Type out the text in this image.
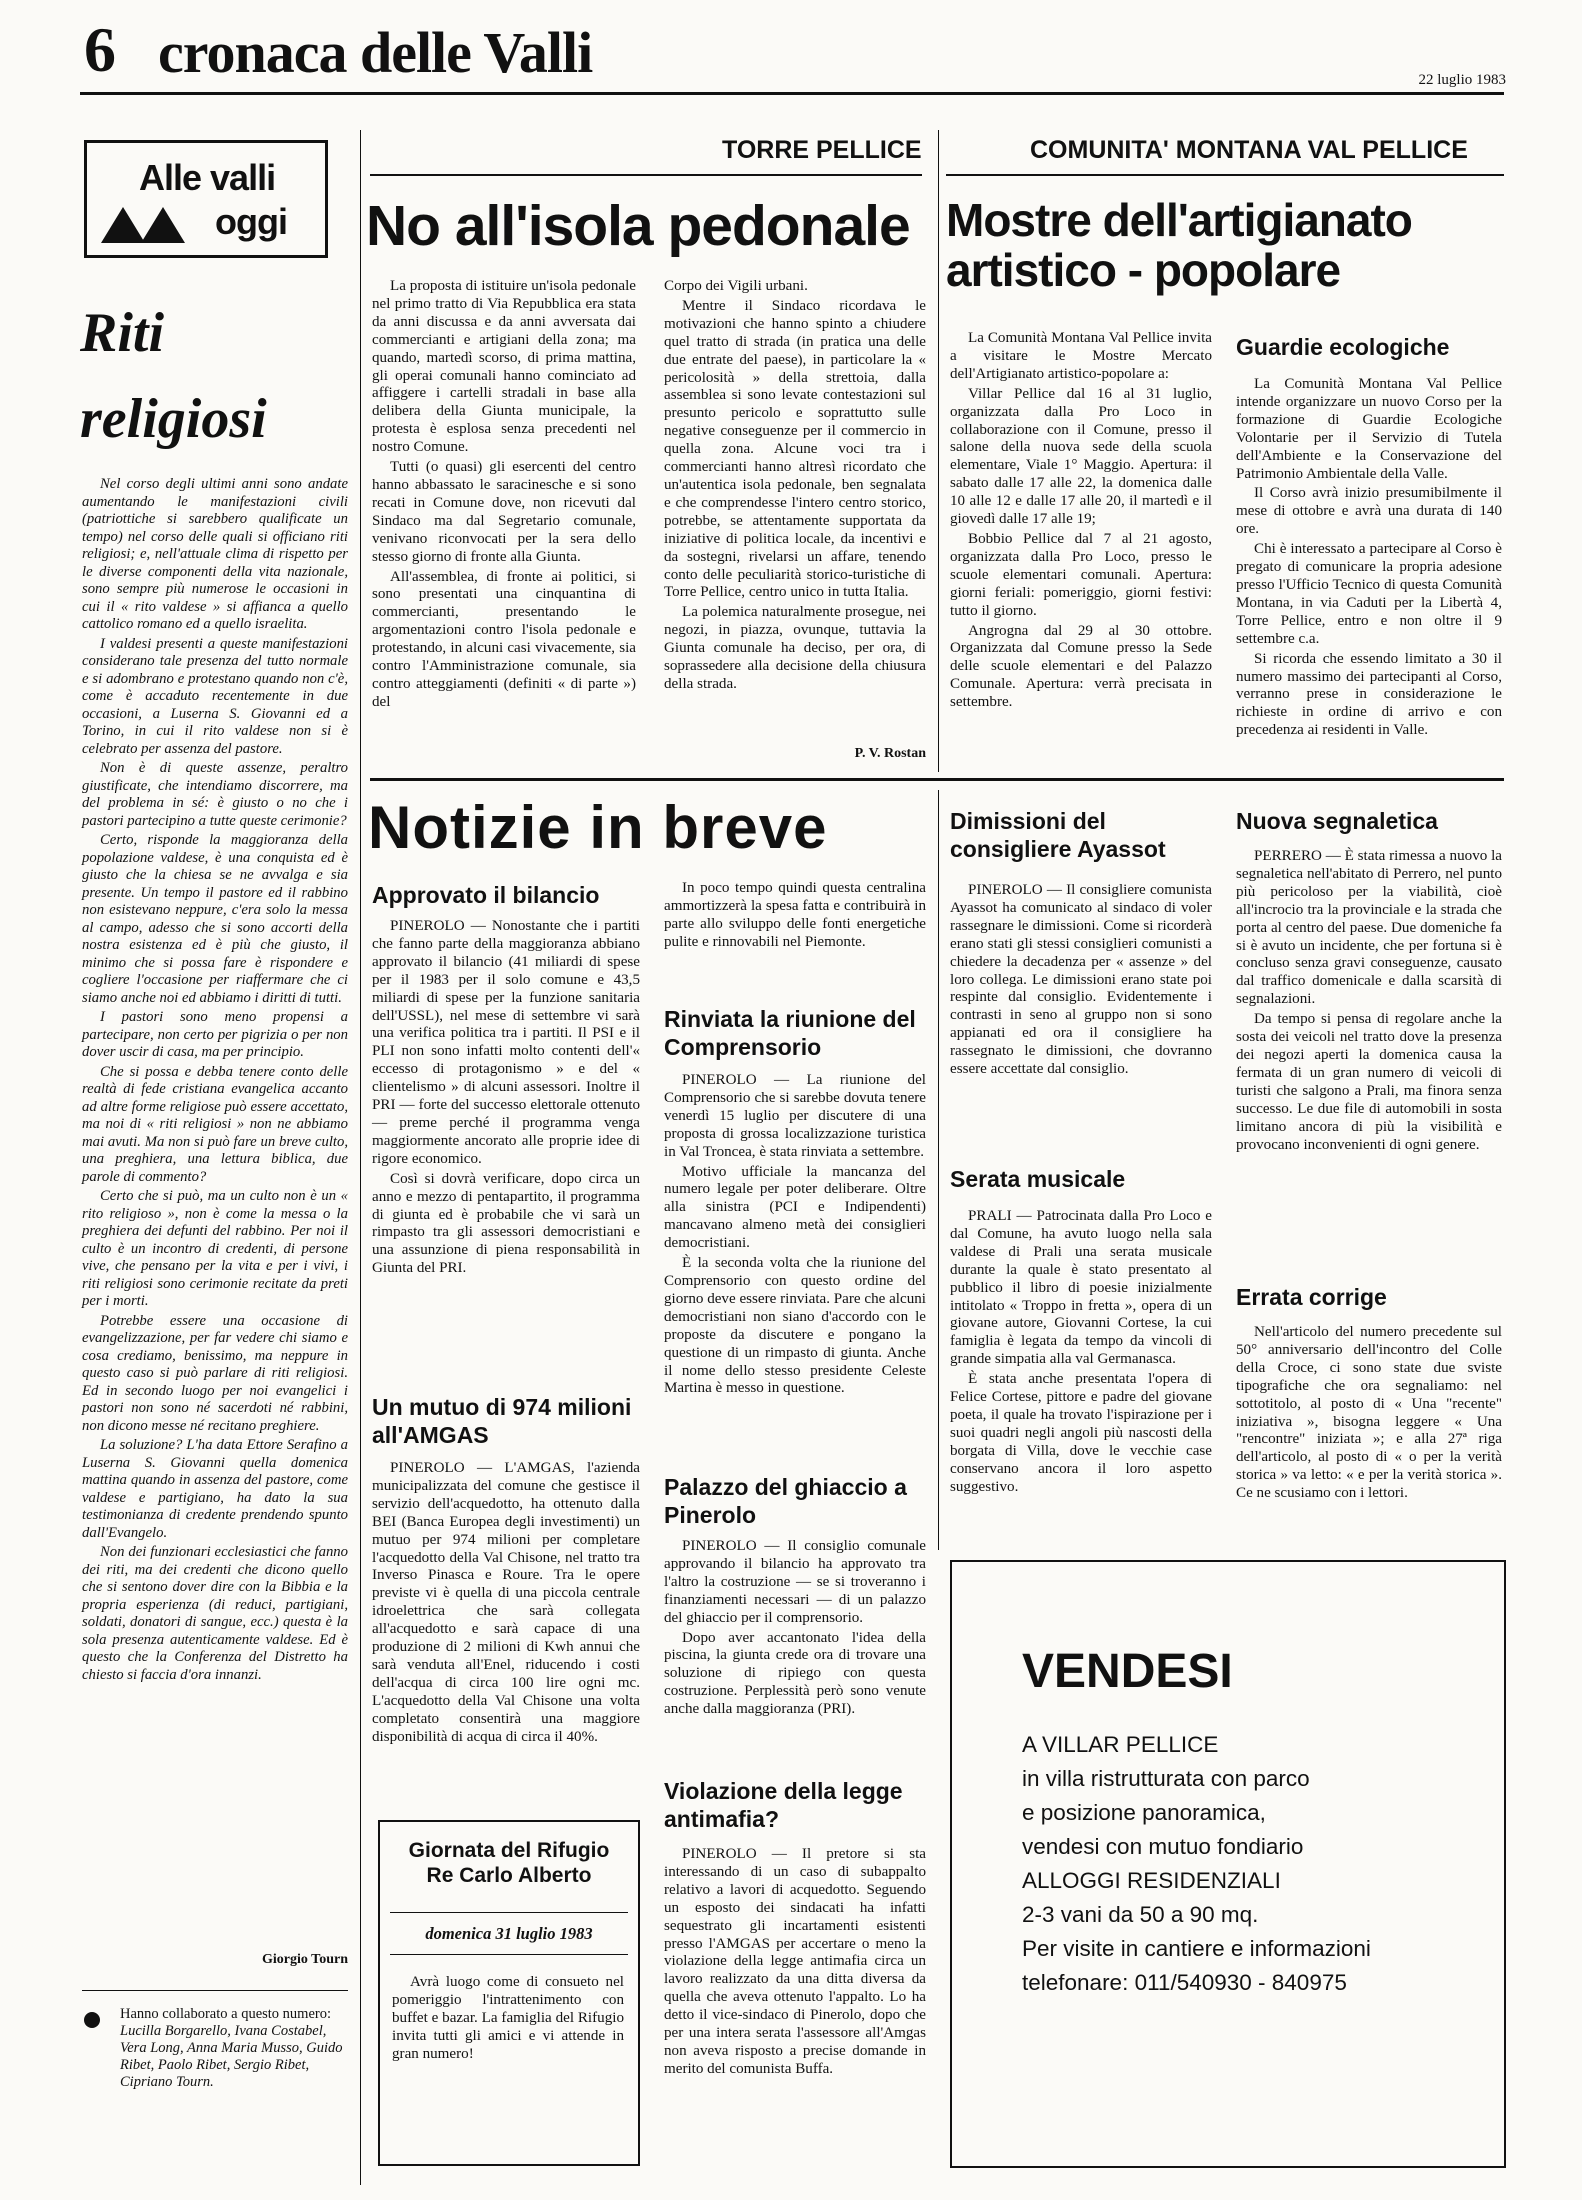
6 cronaca delle Valli	22 luglio 1983
Alle valli
oggi
Riti
religiosi

Nel corso degli ultimi anni sono andate aumentando le manifestazioni civili (patriottiche si sarebbero qualificate un tempo) nel corso delle quali si officiano riti religiosi; e, nell'attuale clima di rispetto per le diverse componenti della vita nazionale, sono sempre più numerose le occasioni in cui il « rito valdese » si affianca a quello cattolico romano ed a quello israelita.

I valdesi presenti a queste manifestazioni considerano tale presenza del tutto normale e si adombrano e protestano quando non c'è, come è accaduto recentemente in due occasioni, a Luserna S. Giovanni ed a Torino, in cui il rito valdese non si è celebrato per assenza del pastore.

Non è di queste assenze, peraltro giustificate, che intendiamo discorrere, ma del problema in sé: è giusto o no che i pastori partecipino a tutte queste cerimonie?

Certo, risponde la maggioranza della popolazione valdese, è una conquista ed è giusto che la chiesa se ne avvalga e sia presente. Un tempo il pastore ed il rabbino non esistevano neppure, c'era solo la messa al campo, adesso che si sono accorti della nostra esistenza ed è più che giusto, il minimo che si possa fare è rispondere e cogliere l'occasione per riaffermare che ci siamo anche noi ed abbiamo i diritti di tutti.

I pastori sono meno propensi a partecipare, non certo per pigrizia o per non dover uscir di casa, ma per principio.

Che si possa e debba tenere conto delle realtà di fede cristiana evangelica accanto ad altre forme religiose può essere accettato, ma noi di « riti religiosi » non ne abbiamo mai avuti. Ma non si può fare un breve culto, una preghiera, una lettura biblica, due parole di commento?

Certo che si può, ma un culto non è un « rito religioso », non è come la messa o la preghiera dei defunti del rabbino. Per noi il culto è un incontro di credenti, di persone vive, che pensano per la vita e per i vivi, i riti religiosi sono cerimonie recitate da preti per i morti.

Potrebbe essere una occasione di evangelizzazione, per far vedere chi siamo e cosa crediamo, benissimo, ma neppure in questo caso si può parlare di riti religiosi. Ed in secondo luogo per noi evangelici i pastori non sono né sacerdoti né rabbini, non dicono messe né recitano preghiere.

La soluzione? L'ha data Ettore Serafino a Luserna S. Giovanni quella domenica mattina quando in assenza del pastore, come valdese e partigiano, ha dato la sua testimonianza di credente prendendo spunto dall'Evangelo.

Non dei funzionari ecclesiastici che fanno dei riti, ma dei credenti che dicono quello che si sentono dover dire con la Bibbia e la propria esperienza (di reduci, partigiani, soldati, donatori di sangue, ecc.) questa è la sola presenza autenticamente valdese. Ed è questo che la Conferenza del Distretto ha chiesto si faccia d'ora innanzi.

Giorgio Tourn
Hanno collaborato a questo numero:
Lucilla Borgarello, Ivana Costabel, Vera Long, Anna Maria Musso, Guido Ribet, Paolo Ribet, Sergio Ribet, Cipriano Tourn.
TORRE PELLICE
No all'isola pedonale

La proposta di istituire un'isola pedonale nel primo tratto di Via Repubblica era stata da anni discussa e da anni avversata dai commercianti e artigiani della zona; ma quando, martedì scorso, di prima mattina, gli operai comunali hanno cominciato ad affiggere i cartelli stradali in base alla delibera della Giunta municipale, la protesta è esplosa senza precedenti nel nostro Comune.

Tutti (o quasi) gli esercenti del centro hanno abbassato le saracinesche e si sono recati in Comune dove, non ricevuti dal Sindaco ma dal Segretario comunale, venivano riconvocati per la sera dello stesso giorno di fronte alla Giunta.

All'assemblea, di fronte ai politici, si sono presentati una cinquantina di commercianti, presentando le argomentazioni contro l'isola pedonale e protestando, in alcuni casi vivacemente, sia contro l'Amministrazione comunale, sia contro atteggiamenti (definiti « di parte ») del

Corpo dei Vigili urbani.

Mentre il Sindaco ricordava le motivazioni che hanno spinto a chiudere quel tratto di strada (in pratica una delle due entrate del paese), in particolare la « pericolosità » della strettoia, dalla assemblea si sono levate contestazioni sul presunto pericolo e soprattutto sulle negative conseguenze per il commercio in quella zona. Alcune voci tra i commercianti hanno altresì ricordato che un'autentica isola pedonale, ben segnalata e che comprendesse l'intero centro storico, potrebbe, se attentamente supportata da iniziative di politica locale, da incentivi e da sostegni, rivelarsi un affare, tenendo conto delle peculiarità storico-turistiche di Torre Pellice, centro unico in tutta Italia.

La polemica naturalmente prosegue, nei negozi, in piazza, ovunque, tuttavia la Giunta comunale ha deciso, per ora, di soprassedere alla decisione della chiusura della strada.

P. V. Rostan
COMUNITA' MONTANA VAL PELLICE
Mostre dell'artigianato artistico - popolare

La Comunità Montana Val Pellice invita a visitare le Mostre Mercato dell'Artigianato artistico-popolare a:

Villar Pellice dal 16 al 31 luglio, organizzata dalla Pro Loco in collaborazione con il Comune, presso il salone della nuova sede della scuola elementare, Viale 1° Maggio. Apertura: il sabato dalle 17 alle 22, la domenica dalle 10 alle 12 e dalle 17 alle 20, il martedì e il giovedì dalle 17 alle 19;

Bobbio Pellice dal 7 al 21 agosto, organizzata dalla Pro Loco, presso le scuole elementari comunali. Apertura: giorni feriali: pomeriggio, giorni festivi: tutto il giorno.

Angrogna dal 29 al 30 ottobre. Organizzata dal Comune presso la Sede delle scuole elementari e del Palazzo Comunale. Apertura: verrà precisata in settembre.

Guardie ecologiche

La Comunità Montana Val Pellice intende organizzare un nuovo Corso per la formazione di Guardie Ecologiche Volontarie per il Servizio di Tutela dell'Ambiente e la Conservazione del Patrimonio Ambientale della Valle.

Il Corso avrà inizio presumibilmente il mese di ottobre e avrà una durata di 140 ore.

Chi è interessato a partecipare al Corso è pregato di comunicare la propria adesione presso l'Ufficio Tecnico di questa Comunità Montana, in via Caduti per la Libertà 4, Torre Pellice, entro e non oltre il 9 settembre c.a.

Si ricorda che essendo limitato a 30 il numero massimo dei partecipanti al Corso, verranno prese in considerazione le richieste in ordine di arrivo e con precedenza ai residenti in Valle.

Notizie in breve
Approvato il bilancio

PINEROLO — Nonostante che i partiti che fanno parte della maggioranza abbiano approvato il bilancio (41 miliardi di spese per il 1983 per il solo comune e 43,5 miliardi di spese per la funzione sanitaria dell'USSL), nel mese di settembre vi sarà una verifica politica tra i partiti. Il PSI e il PLI non sono infatti molto contenti dell'« eccesso di protagonismo » e del « clientelismo » di alcuni assessori. Inoltre il PRI — forte del successo elettorale ottenuto — preme perché il programma venga maggiormente ancorato alle proprie idee di rigore economico.

Così si dovrà verificare, dopo circa un anno e mezzo di pentapartito, il programma di giunta ed è probabile che vi sarà un rimpasto tra gli assessori democristiani e una assunzione di piena responsabilità in Giunta del PRI.

Un mutuo di 974 milioni all'AMGAS

PINEROLO — L'AMGAS, l'azienda municipalizzata del comune che gestisce il servizio dell'acquedotto, ha ottenuto dalla BEI (Banca Europea degli investimenti) un mutuo per 974 milioni per completare l'acquedotto della Val Chisone, nel tratto tra Inverso Pinasca e Roure. Tra le opere previste vi è quella di una piccola centrale idroelettrica che sarà collegata all'acquedotto e sarà capace di una produzione di 2 milioni di Kwh annui che sarà venduta all'Enel, riducendo i costi dell'acqua di circa 100 lire ogni mc. L'acquedotto della Val Chisone una volta completato consentirà una maggiore disponibilità di acqua di circa il 40%.

Giornata del Rifugio
Re Carlo Alberto
domenica 31 luglio 1983

Avrà luogo come di consueto nel pomeriggio l'intrattenimento con buffet e bazar. La famiglia del Rifugio invita tutti gli amici e vi attende in gran numero!

In poco tempo quindi questa centralina ammortizzerà la spesa fatta e contribuirà in parte allo sviluppo delle fonti energetiche pulite e rinnovabili nel Piemonte.

Rinviata la riunione del Comprensorio

PINEROLO — La riunione del Comprensorio che si sarebbe dovuta tenere venerdì 15 luglio per discutere di una proposta di grossa localizzazione turistica in Val Troncea, è stata rinviata a settembre.

Motivo ufficiale la mancanza del numero legale per poter deliberare. Oltre alla sinistra (PCI e Indipendenti) mancavano almeno metà dei consiglieri democristiani.

È la seconda volta che la riunione del Comprensorio con questo ordine del giorno deve essere rinviata. Pare che alcuni democristiani non siano d'accordo con le proposte da discutere e pongano la questione di un rimpasto di giunta. Anche il nome dello stesso presidente Celeste Martina è messo in questione.

Palazzo del ghiaccio a Pinerolo

PINEROLO — Il consiglio comunale approvando il bilancio ha approvato tra l'altro la costruzione — se si troveranno i finanziamenti necessari — di un palazzo del ghiaccio per il comprensorio.

Dopo aver accantonato l'idea della piscina, la giunta crede ora di trovare una soluzione di ripiego con questa costruzione. Perplessità però sono venute anche dalla maggioranza (PRI).

Violazione della legge antimafia?

PINEROLO — Il pretore si sta interessando di un caso di subappalto relativo a lavori di acquedotto. Seguendo un esposto dei sindacati ha infatti sequestrato gli incartamenti esistenti presso l'AMGAS per accertare o meno la violazione della legge antimafia circa un lavoro realizzato da una ditta diversa da quella che aveva ottenuto l'appalto. Lo ha detto il vice-sindaco di Pinerolo, dopo che per una intera serata l'assessore all'Amgas non aveva risposto a precise domande in merito del comunista Buffa.

Dimissioni del consigliere Ayassot

PINEROLO — Il consigliere comunista Ayassot ha comunicato al sindaco di voler rassegnare le dimissioni. Come si ricorderà erano stati gli stessi consiglieri comunisti a chiedere la decadenza per « assenze » del loro collega. Le dimissioni erano state poi respinte dal consiglio. Evidentemente i contrasti in seno al gruppo non si sono appianati ed ora il consigliere ha rassegnato le dimissioni, che dovranno essere accettate dal consiglio.

Serata musicale

PRALI — Patrocinata dalla Pro Loco e dal Comune, ha avuto luogo nella sala valdese di Prali una serata musicale durante la quale è stato presentato al pubblico il libro di poesie inizialmente intitolato « Troppo in fretta », opera di un giovane autore, Giovanni Cortese, la cui famiglia è legata da tempo da vincoli di grande simpatia alla val Germanasca.

È stata anche presentata l'opera di Felice Cortese, pittore e padre del giovane poeta, il quale ha trovato l'ispirazione per i suoi quadri negli angoli più nascosti della borgata di Villa, dove le vecchie case conservano ancora il loro aspetto suggestivo.

Nuova segnaletica

PERRERO — È stata rimessa a nuovo la segnaletica nell'abitato di Perrero, nel punto più pericoloso per la viabilità, cioè all'incrocio tra la provinciale e la strada che porta al centro del paese. Due domeniche fa si è avuto un incidente, che per fortuna si è concluso senza gravi conseguenze, causato dal traffico domenicale e dalla scarsità di segnalazioni.

Da tempo si pensa di regolare anche la sosta dei veicoli nel tratto dove la presenza dei negozi aperti la domenica causa la fermata di un gran numero di veicoli di turisti che salgono a Prali, ma finora senza successo. Le due file di automobili in sosta limitano ancora di più la visibilità e provocano inconvenienti di ogni genere.

Errata corrige

Nell'articolo del numero precedente sul 50° anniversario dell'incontro del Colle della Croce, ci sono state due sviste tipografiche che ora segnaliamo: nel sottotitolo, al posto di « Una "recente" iniziativa », bisogna leggere « Una "rencontre" iniziata »; e alla 27ª riga dell'articolo, al posto di « o per la verità storica » va letto: « e per la verità storica ». Ce ne scusiamo con i lettori.

VENDESI
A VILLAR PELLICE
in villa ristrutturata con parco
e posizione panoramica,
vendesi con mutuo fondiario
ALLOGGI RESIDENZIALI
2-3 vani da 50 a 90 mq.
Per visite in cantiere e informazioni
telefonare: 011/540930 - 840975
